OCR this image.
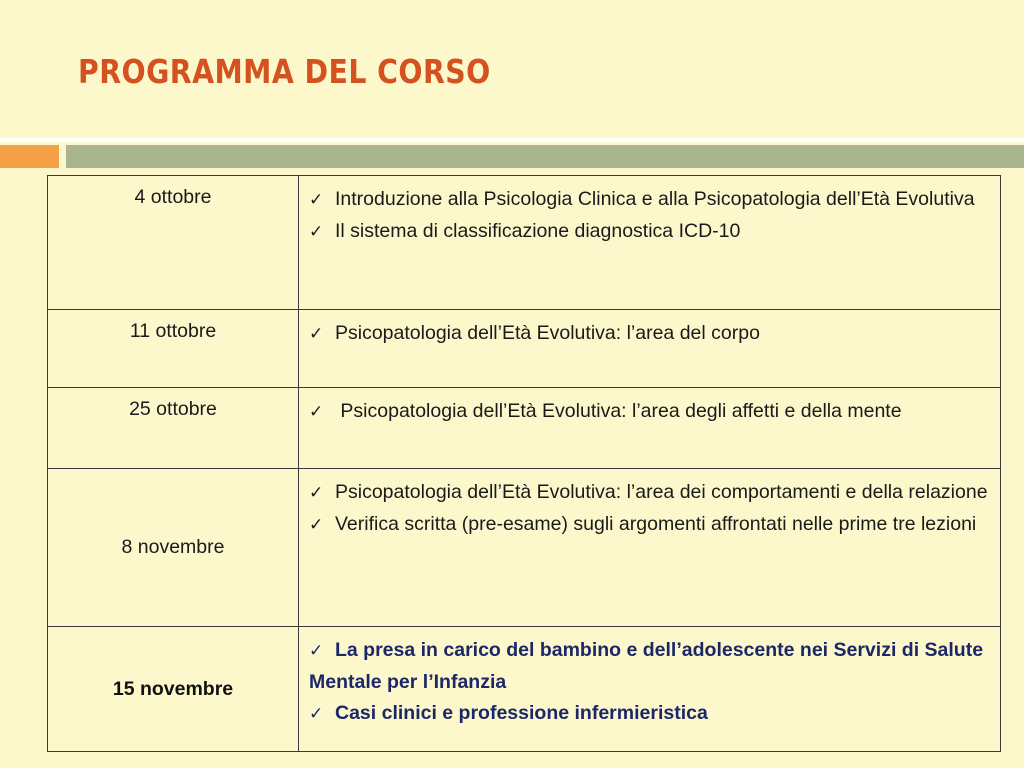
PROGRAMMA DEL CORSO
4 ottobre	✓ Introduzione alla Psicologia Clinica e alla Psicopatologia dell’Età Evolutiva
✓ Il sistema di classificazione diagnostica ICD-10

11 ottobre	✓ Psicopatologia dell’Età Evolutiva: l’area del corpo

25 ottobre	✓ Psicopatologia dell’Età Evolutiva: l’area degli affetti e della mente

8 novembre	✓ Psicopatologia dell’Età Evolutiva: l’area dei comportamenti e della relazione
✓ Verifica scritta (pre-esame) sugli argomenti affrontati nelle prime tre lezioni

15 novembre	✓ La presa in carico del bambino e dell’adolescente nei Servizi di Salute Mentale per l’Infanzia
✓ Casi clinici e professione infermieristica
